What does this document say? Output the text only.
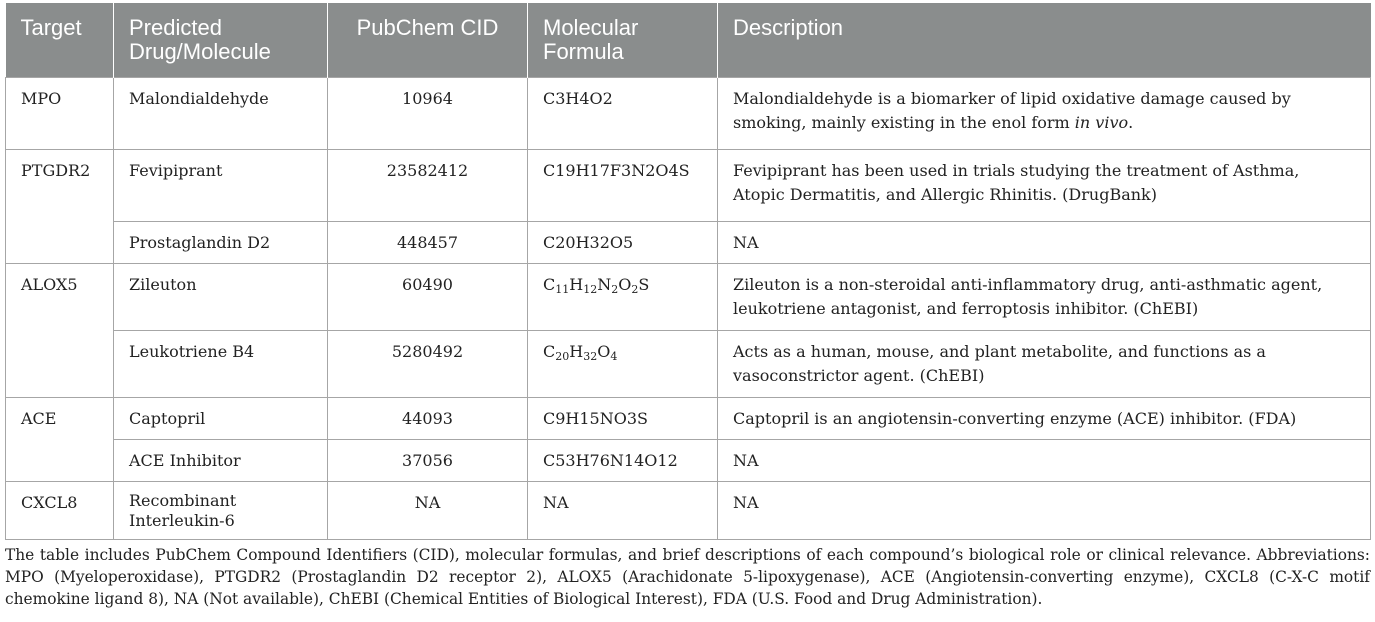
Target	Predicted Drug/Molecule	PubChem CID	Molecular Formula	Description
MPO	Malondialdehyde	10964	C3H4O2	Malondialdehyde is a biomarker of lipid oxidative damage caused by smoking, mainly existing in the enol form in vivo.
PTGDR2	Fevipiprant	23582412	C19H17F3N2O4S	Fevipiprant has been used in trials studying the treatment of Asthma, Atopic Dermatitis, and Allergic Rhinitis. (DrugBank)
	Prostaglandin D2	448457	C20H32O5	NA
ALOX5	Zileuton	60490	$C_{11}H_{12}N_2O_2S$	Zileuton is a non-steroidal anti-inflammatory drug, anti-asthmatic agent, leukotriene antagonist, and ferroptosis inhibitor. (ChEBI)
	Leukotriene B4	5280492	$C_{20}H_{32}O_4$	Acts as a human, mouse, and plant metabolite, and functions as a vasoconstrictor agent. (ChEBI)
ACE	Captopril	44093	C9H15NO3S	Captopril is an angiotensin-converting enzyme (ACE) inhibitor. (FDA)
	ACE Inhibitor	37056	C53H76N14O12	NA
CXCL8	Recombinant Interleukin-6	NA	NA	NA

The table includes PubChem Compound Identifiers (CID), molecular formulas, and brief descriptions of each compound’s biological role or clinical relevance. Abbreviations: MPO (Myeloperoxidase), PTGDR2 (Prostaglandin D2 receptor 2), ALOX5 (Arachidonate 5-lipoxygenase), ACE (Angiotensin-converting enzyme), CXCL8 (C-X-C motif chemokine ligand 8), NA (Not available), ChEBI (Chemical Entities of Biological Interest), FDA (U.S. Food and Drug Administration).
